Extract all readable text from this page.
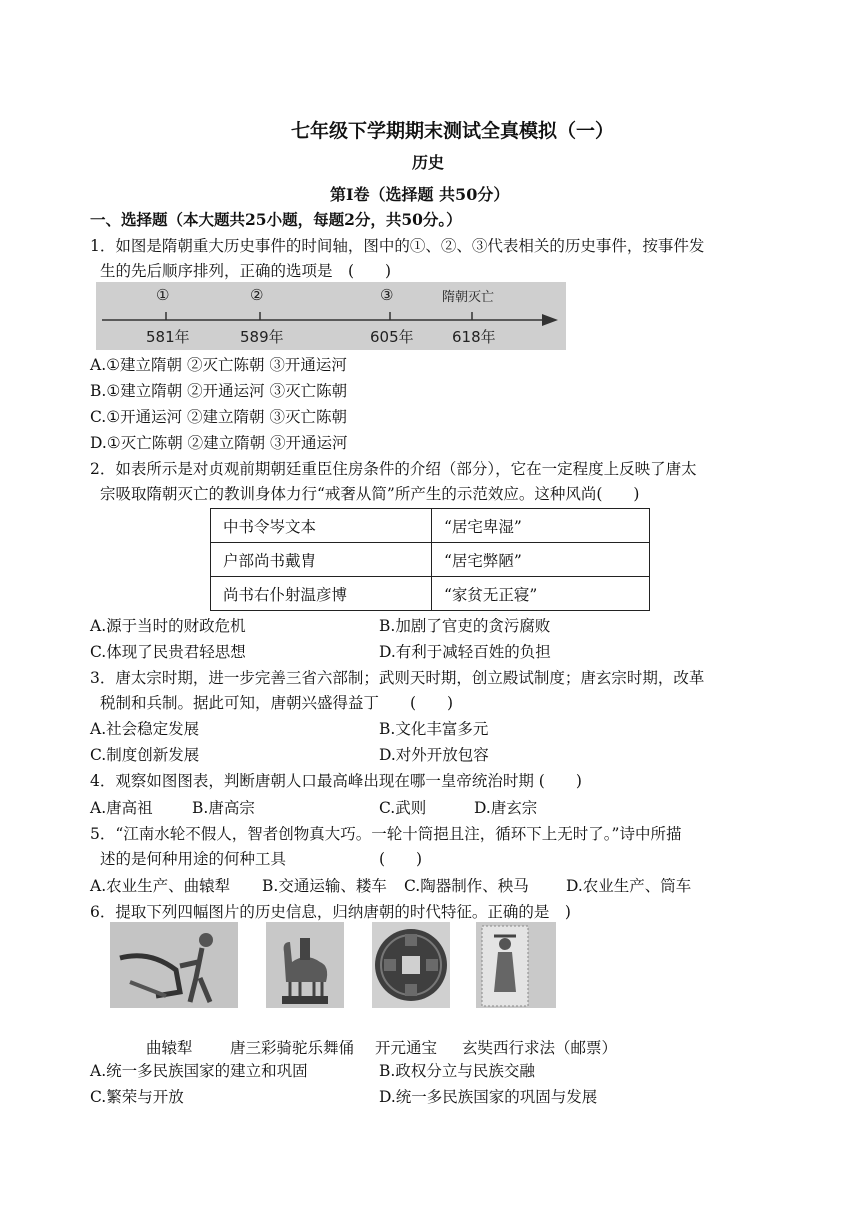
七年级下学期期末测试全真模拟（一）
历史
第Ⅰ卷（选择题 共50分）
一、选择题（本大题共25小题，每题2分，共50分。）
1．如图是隋朝重大历史事件的时间轴，图中的①、②、③代表相关的历史事件，按事件发
生的先后顺序排列，正确的选项是　(　　)
①	②	③	隋朝灭亡
581年	589年	605年	618年
A.①建立隋朝 ②灭亡陈朝 ③开通运河
B.①建立隋朝 ②开通运河 ③灭亡陈朝
C.①开通运河 ②建立隋朝 ③灭亡陈朝
D.①灭亡陈朝 ②建立隋朝 ③开通运河
2．如表所示是对贞观前期朝廷重臣住房条件的介绍（部分），它在一定程度上反映了唐太
宗吸取隋朝灭亡的教训身体力行“戒奢从简”所产生的示范效应。这种风尚(　　)
中书令岑文本	“居宅卑湿”
户部尚书戴胄	“居宅弊陋”
尚书右仆射温彦博	“家贫无正寝”
A.源于当时的财政危机	B.加剧了官吏的贪污腐败
C.体现了民贵君轻思想	D.有利于减轻百姓的负担
3．唐太宗时期，进一步完善三省六部制；武则天时期，创立殿试制度；唐玄宗时期，改革
税制和兵制。据此可知，唐朝兴盛得益丁　　(　　)
A.社会稳定发展	B.文化丰富多元
C.制度创新发展	D.对外开放包容
4．观察如图图表，判断唐朝人口最高峰出现在哪一皇帝统治时期 (　　)
A.唐高祖	B.唐高宗	C.武则	D.唐玄宗
5．“江南水轮不假人，智者创物真大巧。一轮十筒挹且注，循环下上无时了。”诗中所描
述的是何种用途的何种工具　　　　　　(　　)
A.农业生产、曲辕犁 B.交通运输、耧车 C.陶器制作、秧马 D.农业生产、筒车
6．提取下列四幅图片的历史信息，归纳唐朝的时代特征。正确的是　)
曲辕犁 唐三彩骑驼乐舞俑 开元通宝 玄奘西行求法（邮票）
A.统一多民族国家的建立和巩固	B.政权分立与民族交融
C.繁荣与开放	D.统一多民族国家的巩固与发展
